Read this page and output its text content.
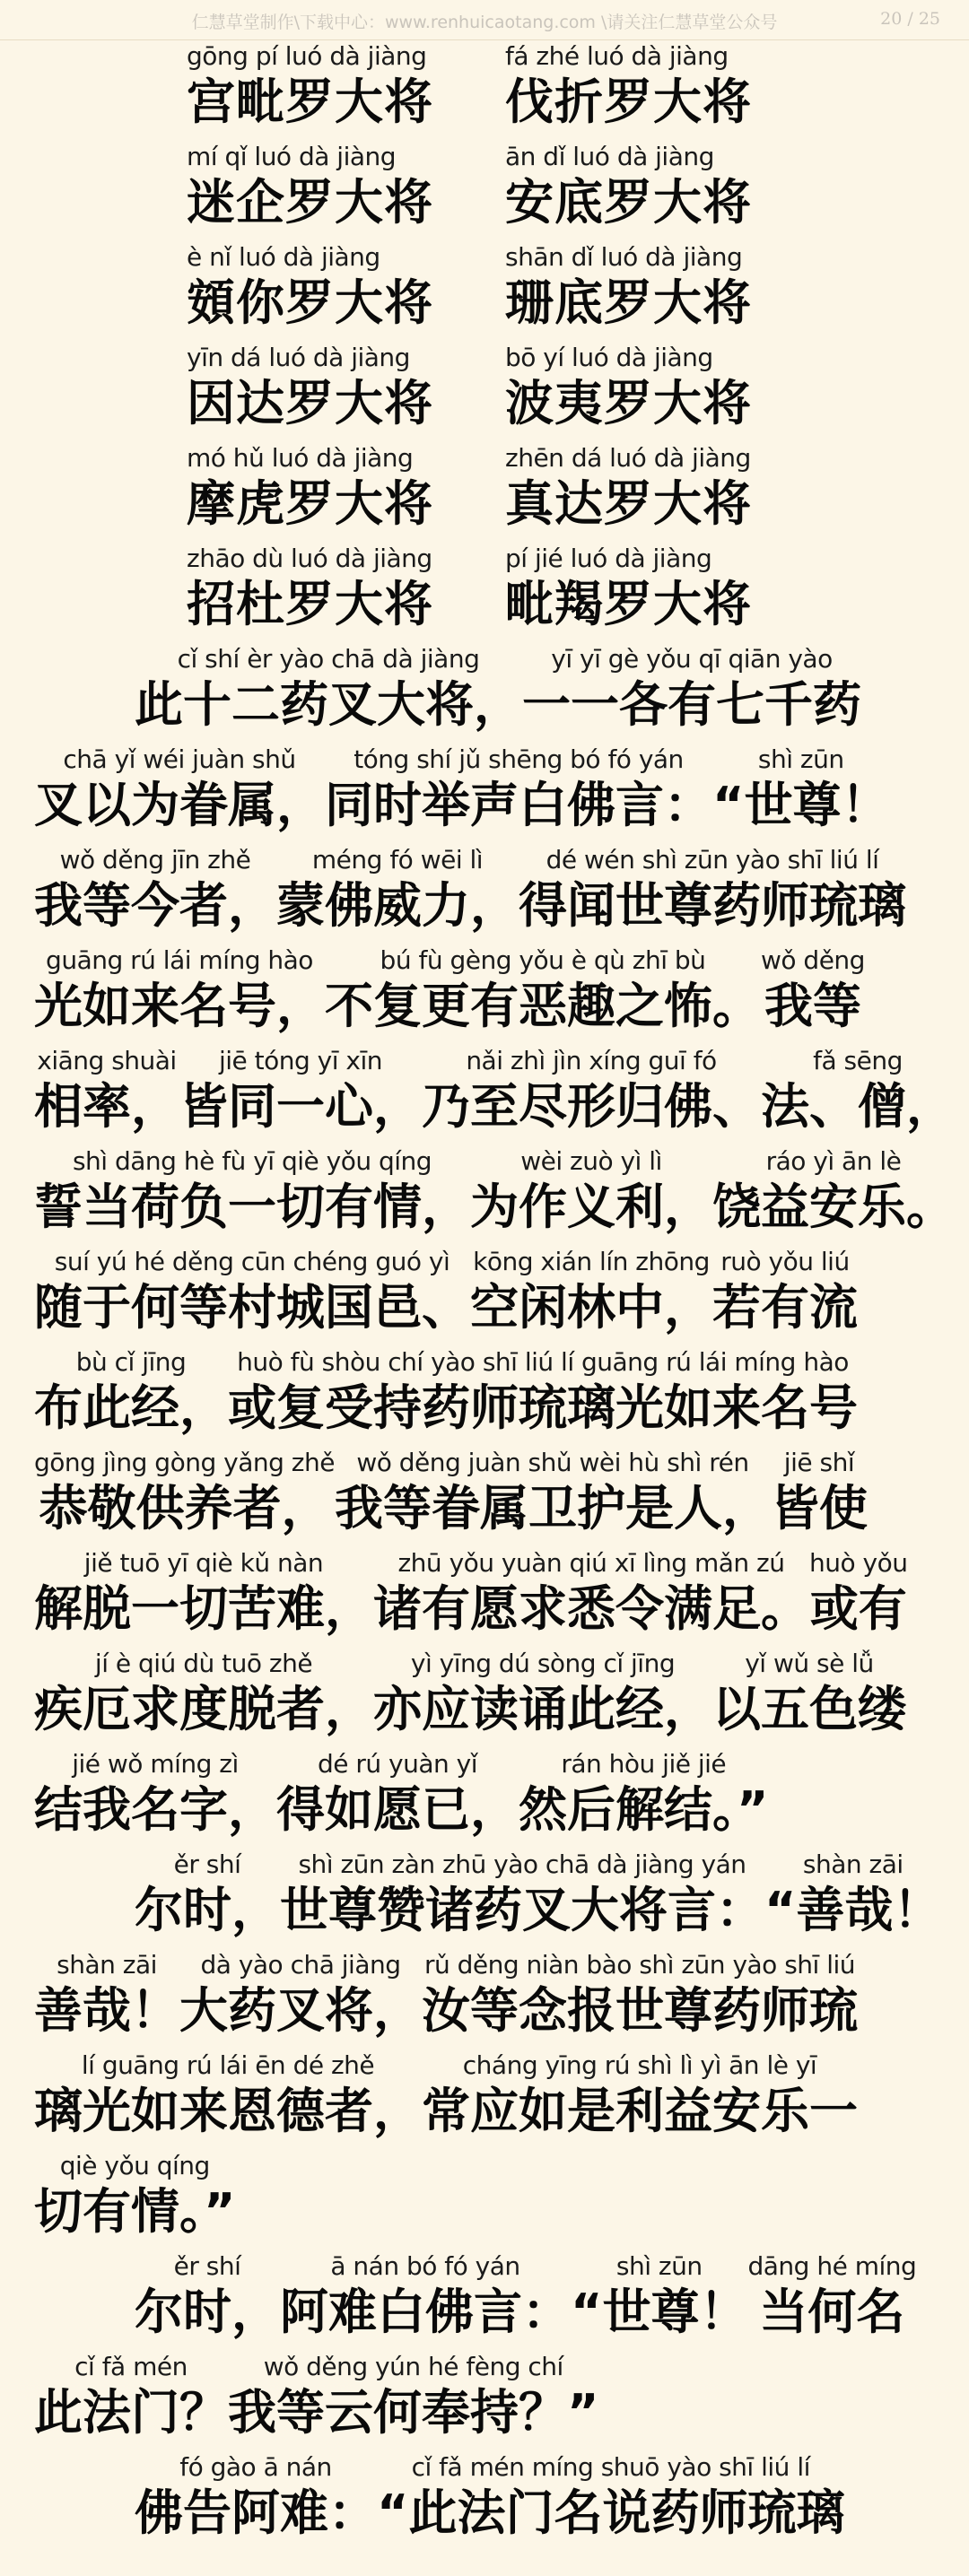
仁慧草堂制作\下载中心：www.renhuicaotang.com \请关注仁慧草堂公众号	20 / 25
gōng pí luó dà jiàng
宫毗罗大将
fá zhé luó dà jiàng
伐折罗大将
mí qǐ luó dà jiàng
迷企罗大将
ān dǐ luó dà jiàng
安底罗大将
è nǐ luó dà jiàng
頞你罗大将
shān dǐ luó dà jiàng
珊底罗大将
yīn dá luó dà jiàng
因达罗大将
bō yí luó dà jiàng
波夷罗大将
mó hǔ luó dà jiàng
摩虎罗大将
zhēn dá luó dà jiàng
真达罗大将
zhāo dù luó dà jiàng
招杜罗大将
pí jié luó dà jiàng
毗羯罗大将
cǐ shí èr yào chā dà jiàng
此十二药叉大将，
yī yī gè yǒu qī qiān yào
一一各有七千药
chā yǐ wéi juàn shǔ
叉以为眷属，
tóng shí jǔ shēng bó fó yán
同时举声白佛言：
shì zūn
“世尊！
wǒ děng jīn zhě
我等今者，
méng fó wēi lì
蒙佛威力，
dé wén shì zūn yào shī liú lí
得闻世尊药师琉璃
guāng rú lái míng hào
光如来名号，
bú fù gèng yǒu è qù zhī bù
不复更有恶趣之怖。
wǒ děng
我等
xiāng shuài
相率，
jiē tóng yī xīn
皆同一心，
nǎi zhì jìn xíng guī fó
乃至尽形归佛、
fǎ sēng
法、僧，
shì dāng hè fù yī qiè yǒu qíng
誓当荷负一切有情，
wèi zuò yì lì
为作义利，
ráo yì ān lè
饶益安乐。
suí yú hé děng cūn chéng guó yì
随于何等村城国邑、
kōng xián lín zhōng
空闲林中，
ruò yǒu liú
若有流
bù cǐ jīng
布此经，
huò fù shòu chí yào shī liú lí guāng rú lái míng hào
或复受持药师琉璃光如来名号
gōng jìng gòng yǎng zhě
恭敬供养者，
wǒ děng juàn shǔ wèi hù shì rén
我等眷属卫护是人，
jiē shǐ
皆使
jiě tuō yī qiè kǔ nàn
解脱一切苦难，
zhū yǒu yuàn qiú xī lìng mǎn zú
诸有愿求悉令满足。
huò yǒu
或有
jí è qiú dù tuō zhě
疾厄求度脱者，
yì yīng dú sòng cǐ jīng
亦应读诵此经，
yǐ wǔ sè lǚ
以五色缕
jié wǒ míng zì
结我名字，
dé rú yuàn yǐ
得如愿已，
rán hòu jiě jié
然后解结。”
ěr shí
尔时，
shì zūn zàn zhū yào chā dà jiàng yán
世尊赞诸药叉大将言：
shàn zāi
“善哉！
shàn zāi
善哉！
dà yào chā jiàng
大药叉将，
rǔ děng niàn bào shì zūn yào shī liú
汝等念报世尊药师琉
lí guāng rú lái ēn dé zhě
璃光如来恩德者，
cháng yīng rú shì lì yì ān lè yī
常应如是利益安乐一
qiè yǒu qíng
切有情。”
ěr shí
尔时，
ā nán bó fó yán
阿难白佛言：
shì zūn
“世尊！
dāng hé míng
当何名
cǐ fǎ mén
此法门？
wǒ děng yún hé fèng chí
我等云何奉持？”
fó gào ā nán
佛告阿难：
cǐ fǎ mén míng shuō yào shī liú lí
“此法门名说药师琉璃
